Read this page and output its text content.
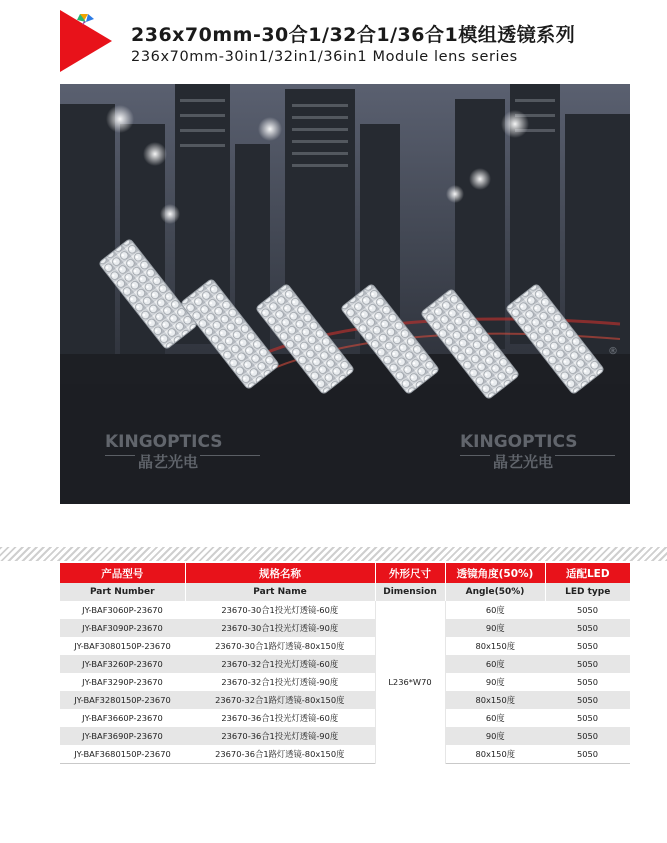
236x70mm-30合1/32合1/36合1模组透镜系列
236x70mm-30in1/32in1/36in1 Module lens series
KINGOPTICS
晶艺光电
KINGOPTICS
晶艺光电
®
产品型号	规格名称	外形尺寸	透镜角度(50%)	适配LED
Part Number	Part Name	Dimension	Angle(50%)	LED type
JY-BAF3060P-23670	23670-30合1投光灯透镜-60度	L236*W70	60度	5050
JY-BAF3090P-23670	23670-30合1投光灯透镜-90度		90度	5050
JY-BAF3080150P-23670	23670-30合1路灯透镜-80x150度		80x150度	5050
JY-BAF3260P-23670	23670-32合1投光灯透镜-60度		60度	5050
JY-BAF3290P-23670	23670-32合1投光灯透镜-90度		90度	5050
JY-BAF3280150P-23670	23670-32合1路灯透镜-80x150度		80x150度	5050
JY-BAF3660P-23670	23670-36合1投光灯透镜-60度		60度	5050
JY-BAF3690P-23670	23670-36合1投光灯透镜-90度		90度	5050
JY-BAF3680150P-23670	23670-36合1路灯透镜-80x150度		80x150度	5050
